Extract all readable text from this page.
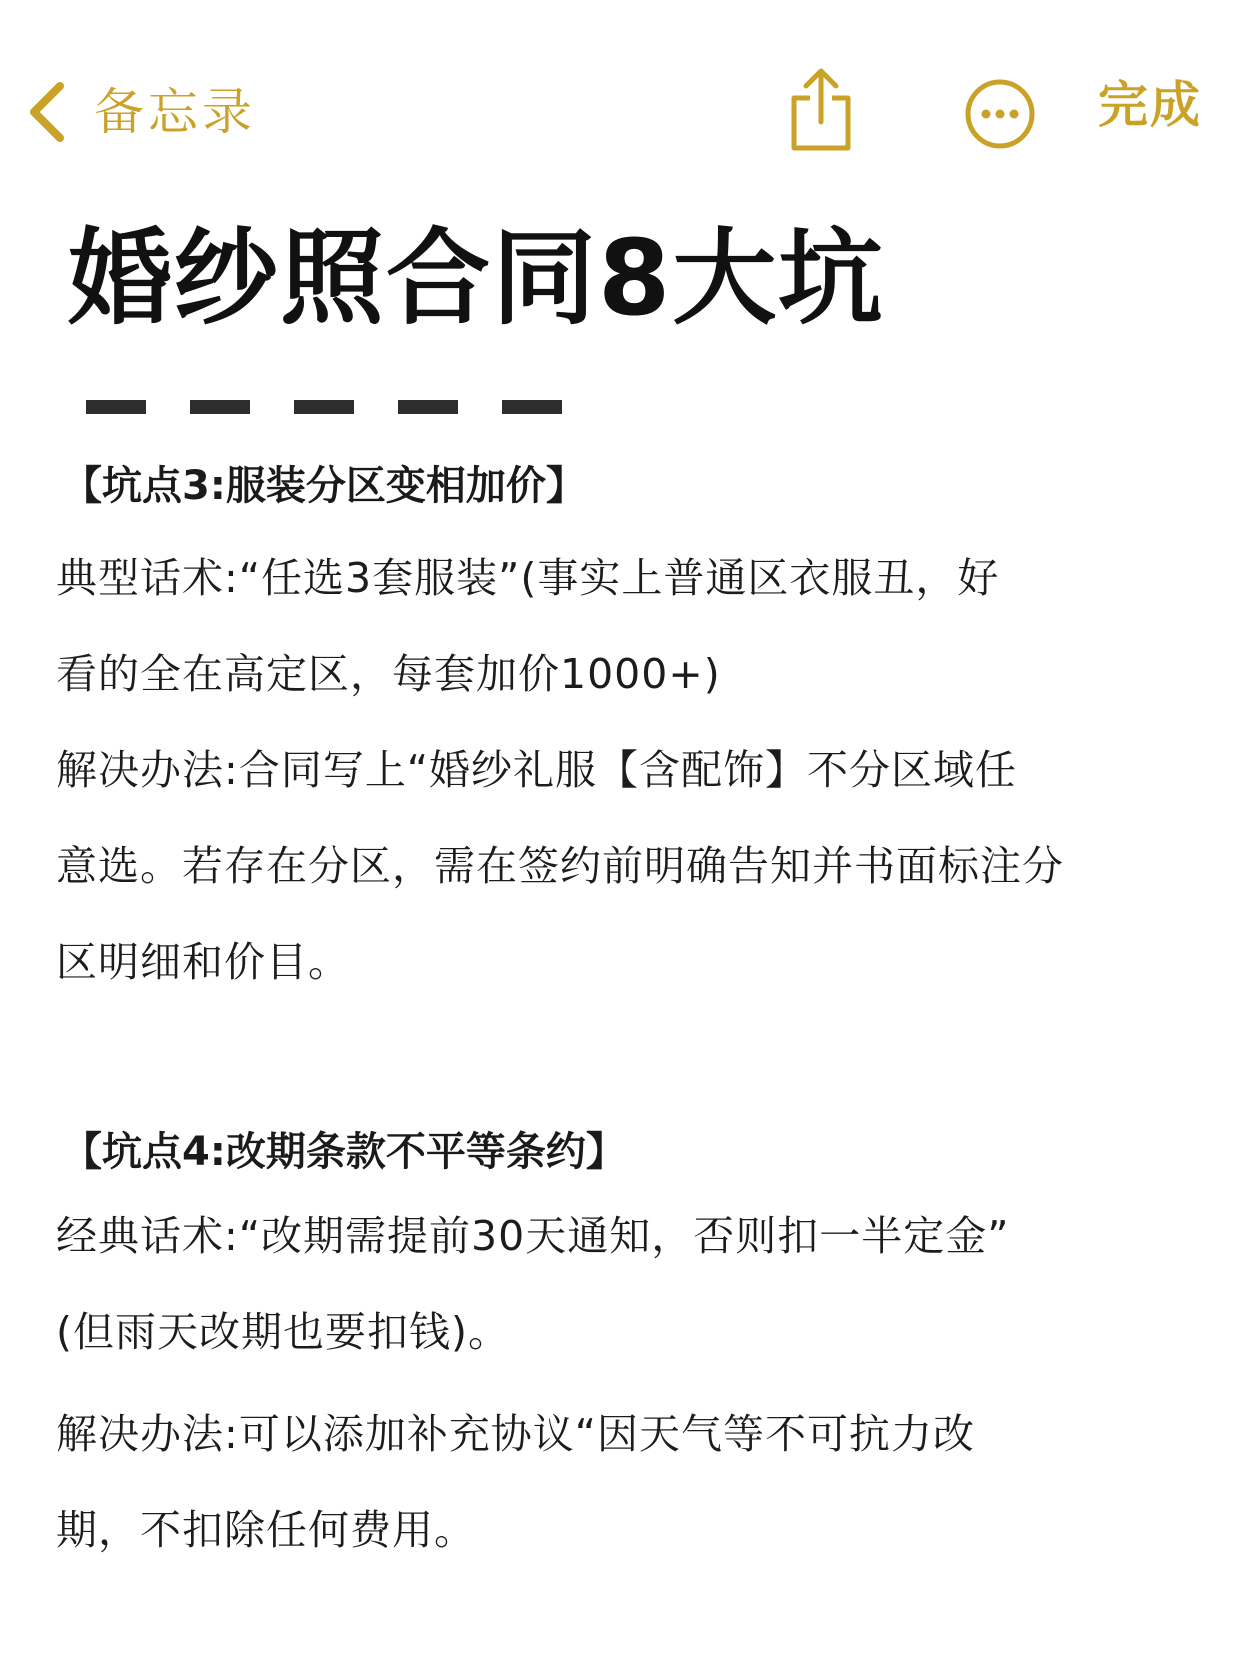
备忘录	完成
婚纱照合同8大坑
【坑点3:服装分区变相加价】

典型话术:“任选3套服装”(事实上普通区衣服丑，好
看的全在高定区，每套加价1000+)

解决办法:合同写上“婚纱礼服【含配饰】不分区域任
意选。若存在分区，需在签约前明确告知并书面标注分
区明细和价目。

【坑点4:改期条款不平等条约】

经典话术:“改期需提前30天通知，否则扣一半定金”
(但雨天改期也要扣钱)。

解决办法:可以添加补充协议“因天气等不可抗力改
期，不扣除任何费用。
